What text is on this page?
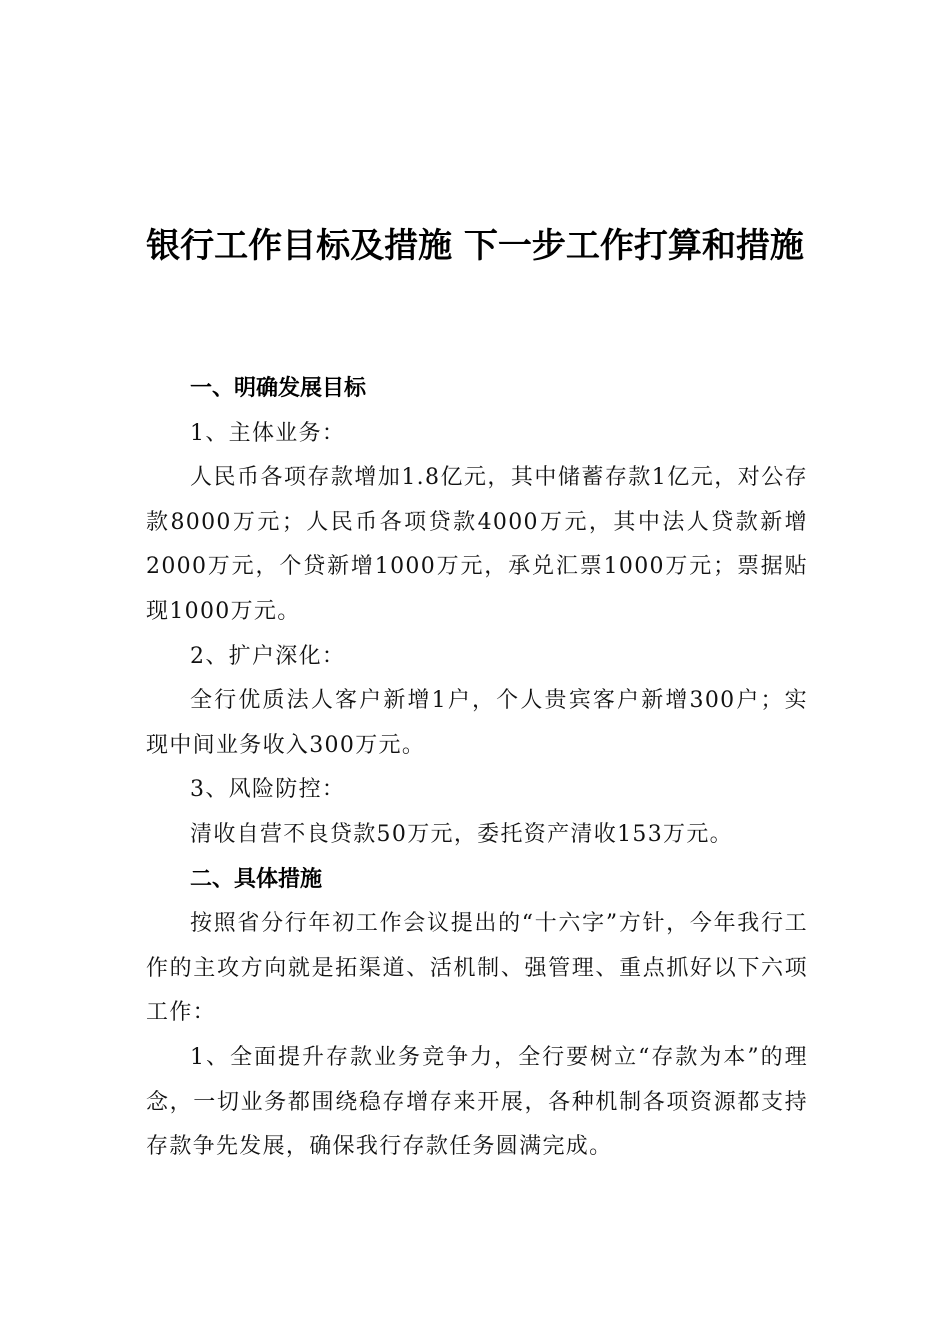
银行工作目标及措施 下一步工作打算和措施

一、明确发展目标

1、主体业务：

人民币各项存款增加1.8亿元，其中储蓄存款1亿元，对公存款8000万元；人民币各项贷款4000万元，其中法人贷款新增2000万元，个贷新增1000万元，承兑汇票1000万元；票据贴现1000万元。

2、扩户深化：

全行优质法人客户新增1户，个人贵宾客户新增300户；实现中间业务收入300万元。

3、风险防控：

清收自营不良贷款50万元，委托资产清收153万元。

二、具体措施

按照省分行年初工作会议提出的“十六字”方针，今年我行工作的主攻方向就是拓渠道、活机制、强管理、重点抓好以下六项工作：

1、全面提升存款业务竞争力，全行要树立“存款为本”的理念，一切业务都围绕稳存增存来开展，各种机制各项资源都支持存款争先发展，确保我行存款任务圆满完成。
